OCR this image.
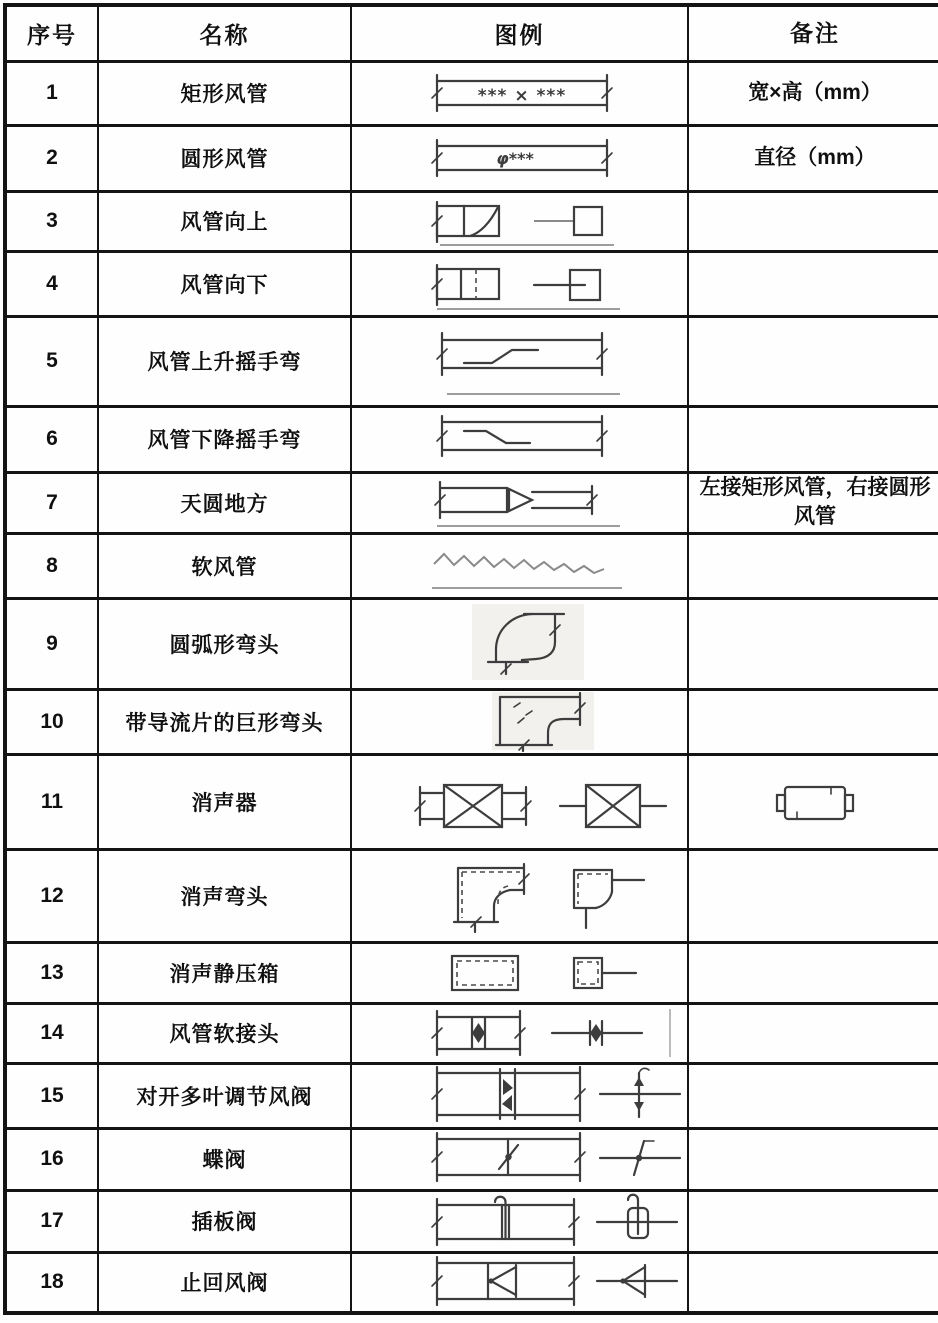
序号	名称	图例	备注
1	矩形风管	*** × ***	宽×高（mm）
2	圆形风管	φ***	直径（mm）
3	风管向上	

4	风管向下	

5	风管上升摇手弯	

6	风管下降摇手弯	

7	天圆地方		左接矩形风管，右接圆形风管
8	软风管	

9	圆弧形弯头	

10	带导流片的巨形弯头	

11	消声器	

12	消声弯头	

13	消声静压箱	

14	风管软接头	

15	对开多叶调节风阀	

16	蝶阀	

17	插板阀	

18	止回风阀	
